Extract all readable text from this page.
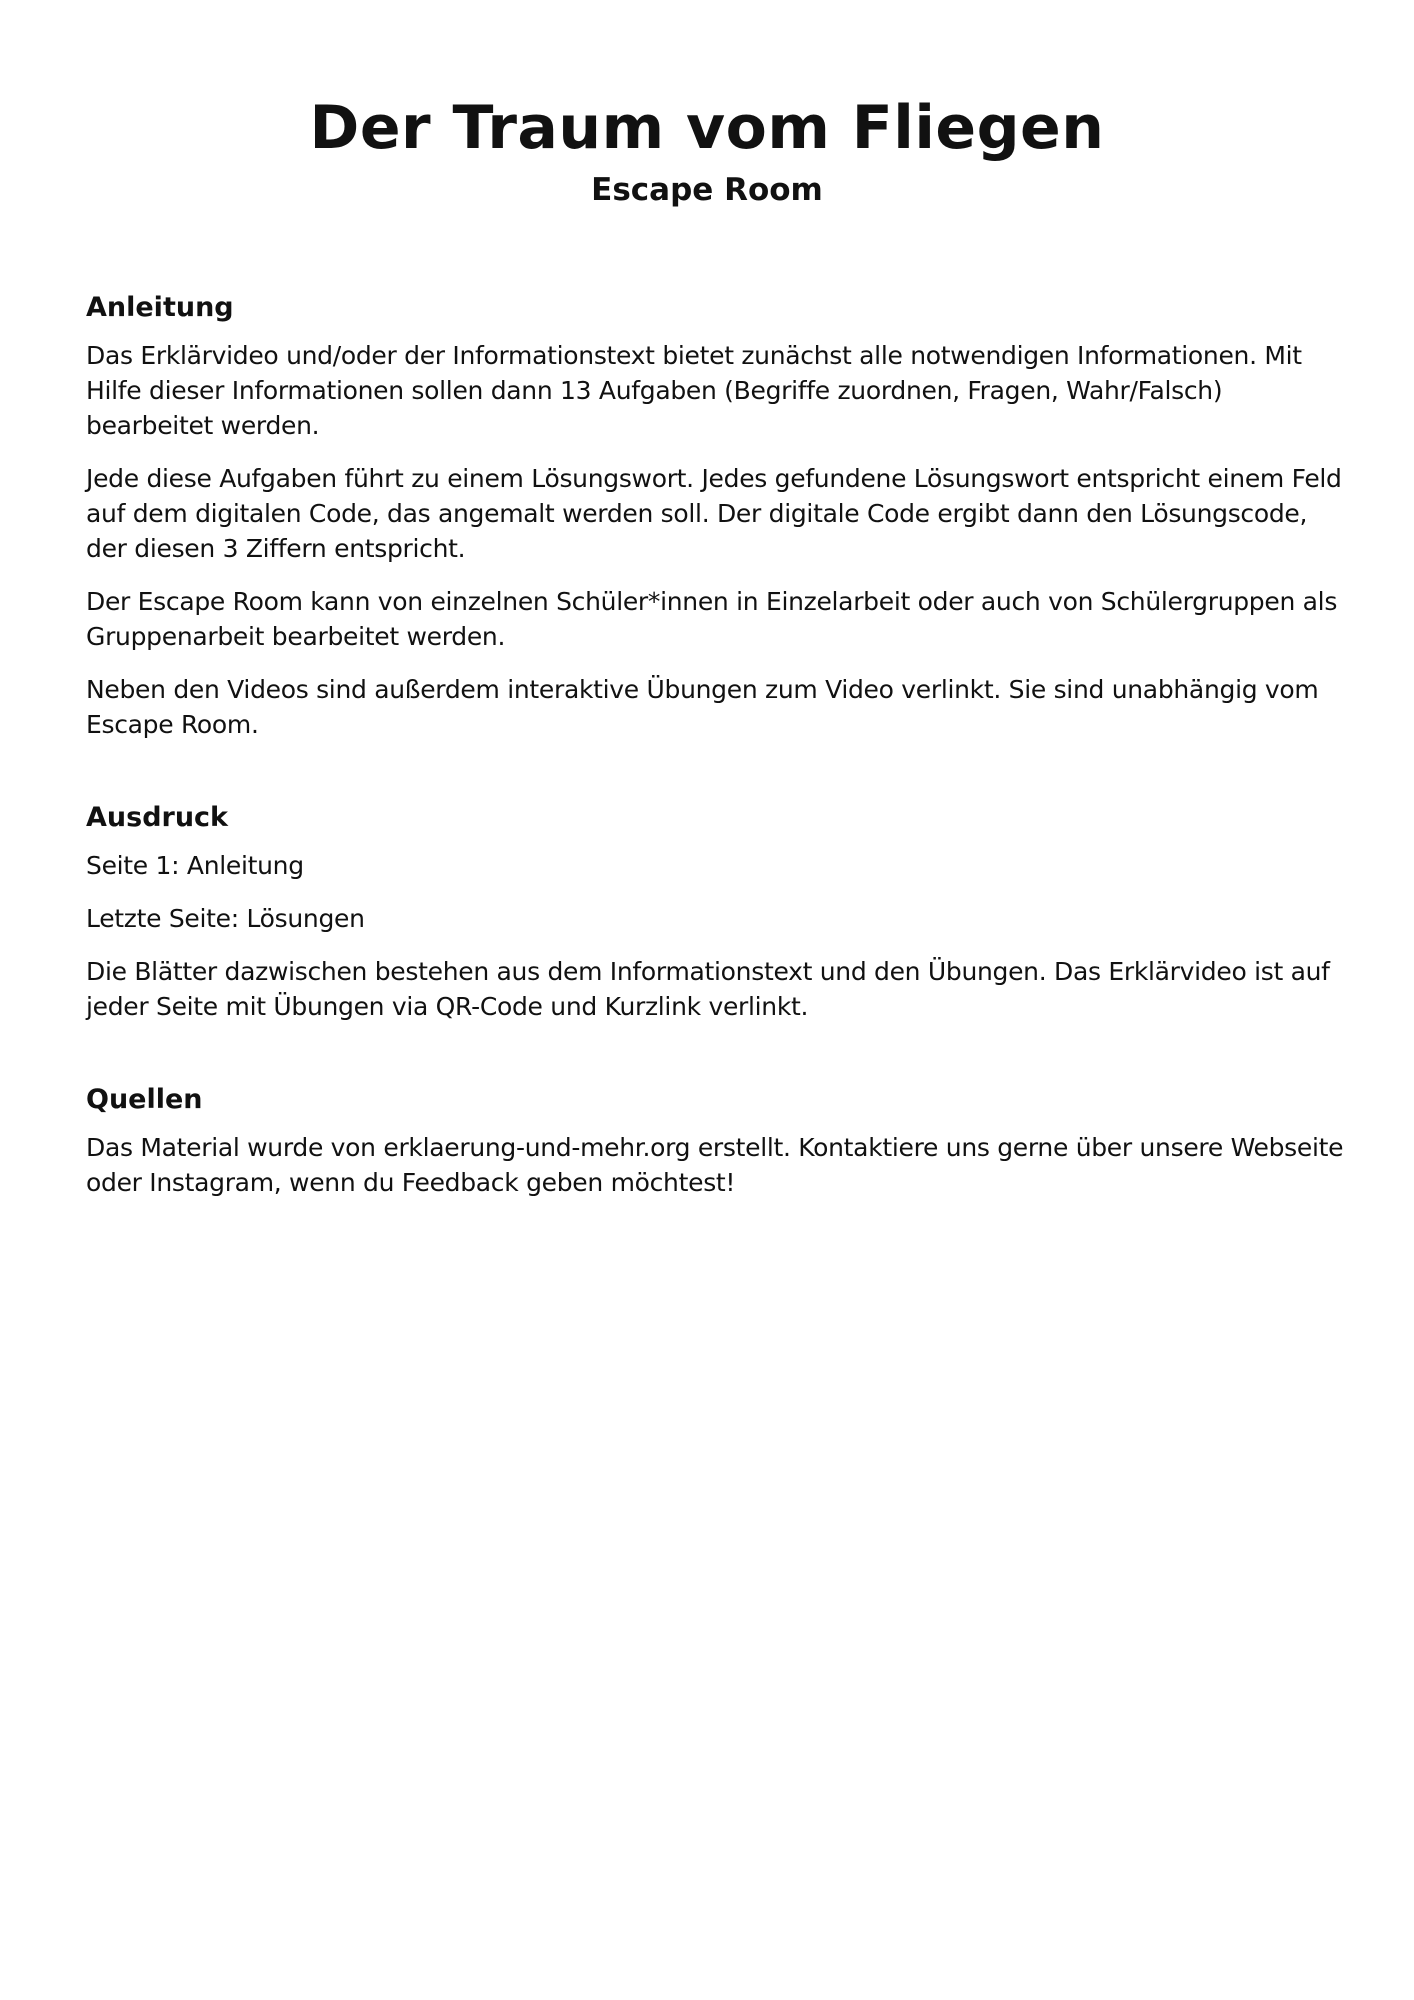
Der Traum vom Fliegen
Escape Room
Anleitung

Das Erklärvideo und/oder der Informationstext bietet zunächst alle notwendigen Informationen. Mit Hilfe dieser Informationen sollen dann 13 Aufgaben (Begriffe zuordnen, Fragen, Wahr/Falsch) bearbeitet werden.

Jede diese Aufgaben führt zu einem Lösungswort. Jedes gefundene Lösungswort entspricht einem Feld auf dem digitalen Code, das angemalt werden soll. Der digitale Code ergibt dann den Lösungscode, der diesen 3 Ziffern entspricht.

Der Escape Room kann von einzelnen Schüler*innen in Einzelarbeit oder auch von Schülergruppen als Gruppenarbeit bearbeitet werden.

Neben den Videos sind außerdem interaktive Übungen zum Video verlinkt. Sie sind unabhängig vom Escape Room.

Ausdruck

Seite 1: Anleitung

Letzte Seite: Lösungen

Die Blätter dazwischen bestehen aus dem Informationstext und den Übungen. Das Erklärvideo ist auf jeder Seite mit Übungen via QR-Code und Kurzlink verlinkt.

Quellen

Das Material wurde von erklaerung-und-mehr.org erstellt. Kontaktiere uns gerne über unsere Webseite oder Instagram, wenn du Feedback geben möchtest!
